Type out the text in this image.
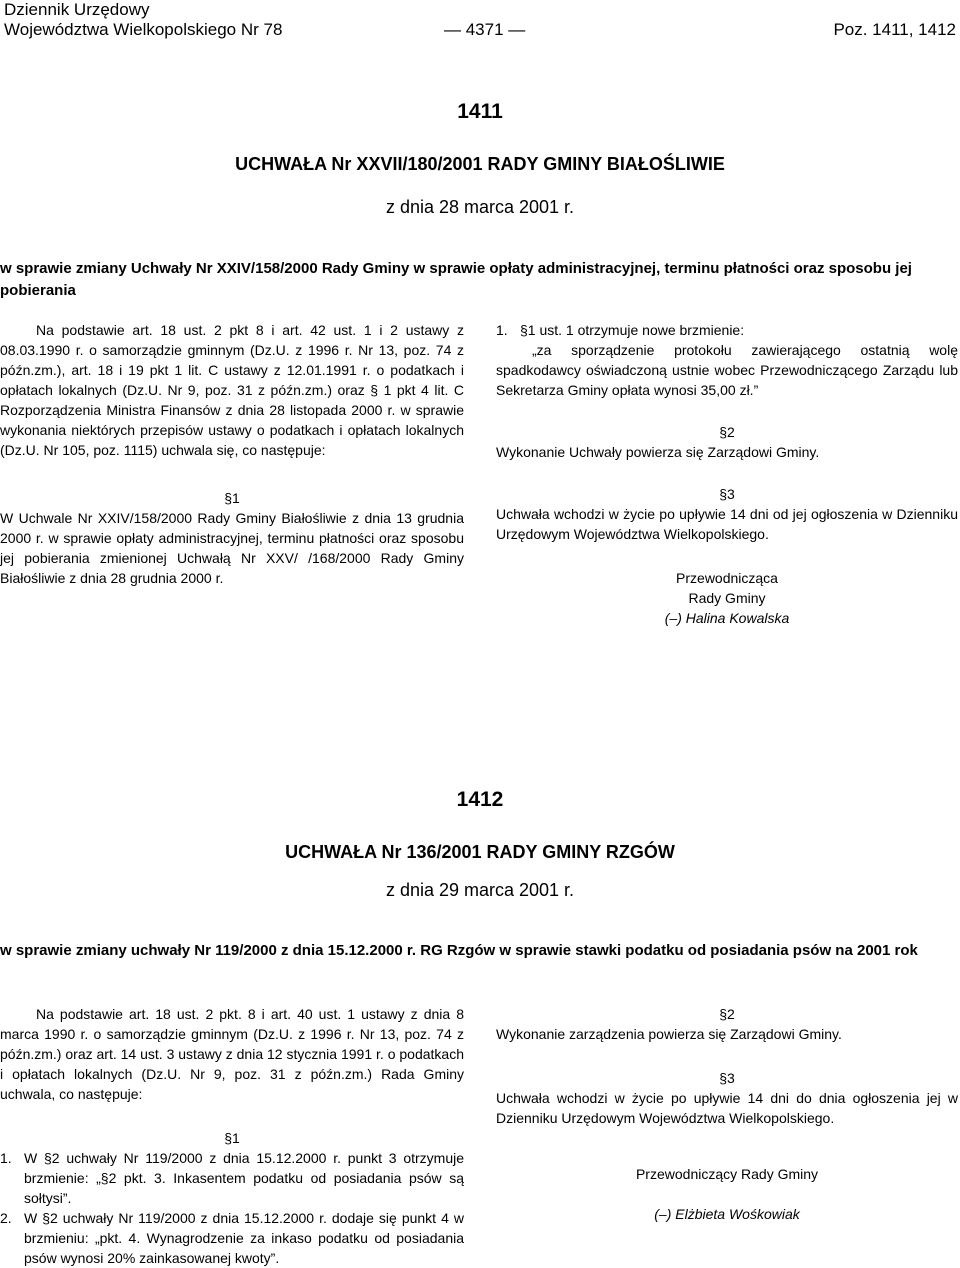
Dziennik Urzędowy
Województwa Wielkopolskiego Nr 78	— 4371 —	Poz. 1411, 1412
1411
UCHWAŁA Nr XXVII/180/2001 RADY GMINY BIAŁOŚLIWIE
z dnia 28 marca 2001 r.
w sprawie zmiany Uchwały Nr XXIV/158/2000 Rady Gminy w sprawie opłaty administracyjnej, terminu płatności oraz sposobu jej pobierania

Na podstawie art. 18 ust. 2 pkt 8 i art. 42 ust. 1 i 2 ustawy z 08.03.1990 r. o samorządzie gminnym (Dz.U. z 1996 r. Nr 13, poz. 74 z późn.zm.), art. 18 i 19 pkt 1 lit. C ustawy z 12.01.1991 r. o podatkach i opłatach lokalnych (Dz.U. Nr 9, poz. 31 z późn.zm.) oraz § 1 pkt 4 lit. C Rozporządzenia Ministra Finansów z dnia 28 listopada 2000 r. w sprawie wykonania niektórych przepisów ustawy o podatkach i opłatach lokalnych (Dz.U. Nr 105, poz. 1115) uchwala się, co następuje:

§1

W Uchwale Nr XXIV/158/2000 Rady Gminy Białośliwie z dnia 13 grudnia 2000 r. w sprawie opłaty administracyjnej, terminu płatności oraz sposobu jej pobierania zmienionej Uchwałą Nr XXV/ /168/2000 Rady Gminy Białośliwie z dnia 28 grudnia 2000 r.

1. §1 ust. 1 otrzymuje nowe brzmienie:

„za sporządzenie protokołu zawierającego ostatnią wolę spadkodawcy oświadczoną ustnie wobec Przewodniczącego Zarządu lub Sekretarza Gminy opłata wynosi 35,00 zł.”

§2

Wykonanie Uchwały powierza się Zarządowi Gminy.

§3

Uchwała wchodzi w życie po upływie 14 dni od jej ogłoszenia w Dzienniku Urzędowym Województwa Wielkopolskiego.

Przewodnicząca
Rady Gminy
(–) Halina Kowalska
1412
UCHWAŁA Nr 136/2001 RADY GMINY RZGÓW
z dnia 29 marca 2001 r.
w sprawie zmiany uchwały Nr 119/2000 z dnia 15.12.2000 r. RG Rzgów w sprawie stawki podatku od posiadania psów na 2001 rok

Na podstawie art. 18 ust. 2 pkt. 8 i art. 40 ust. 1 ustawy z dnia 8 marca 1990 r. o samorządzie gminnym (Dz.U. z 1996 r. Nr 13, poz. 74 z późn.zm.) oraz art. 14 ust. 3 ustawy z dnia 12 stycznia 1991 r. o podatkach i opłatach lokalnych (Dz.U. Nr 9, poz. 31 z późn.zm.) Rada Gminy uchwala, co następuje:

§1

1. W §2 uchwały Nr 119/2000 z dnia 15.12.2000 r. punkt 3 otrzymuje brzmienie: „§2 pkt. 3. Inkasentem podatku od posiadania psów są sołtysi”.
2. W §2 uchwały Nr 119/2000 z dnia 15.12.2000 r. dodaje się punkt 4 w brzmieniu: „pkt. 4. Wynagrodzenie za inkaso podatku od posiadania psów wynosi 20% zainkasowanej kwoty”.

§2

Wykonanie zarządzenia powierza się Zarządowi Gminy.

§3

Uchwała wchodzi w życie po upływie 14 dni do dnia ogłoszenia jej w Dzienniku Urzędowym Województwa Wielkopolskiego.

Przewodniczący Rady Gminy
(–) Elżbieta Wośkowiak
